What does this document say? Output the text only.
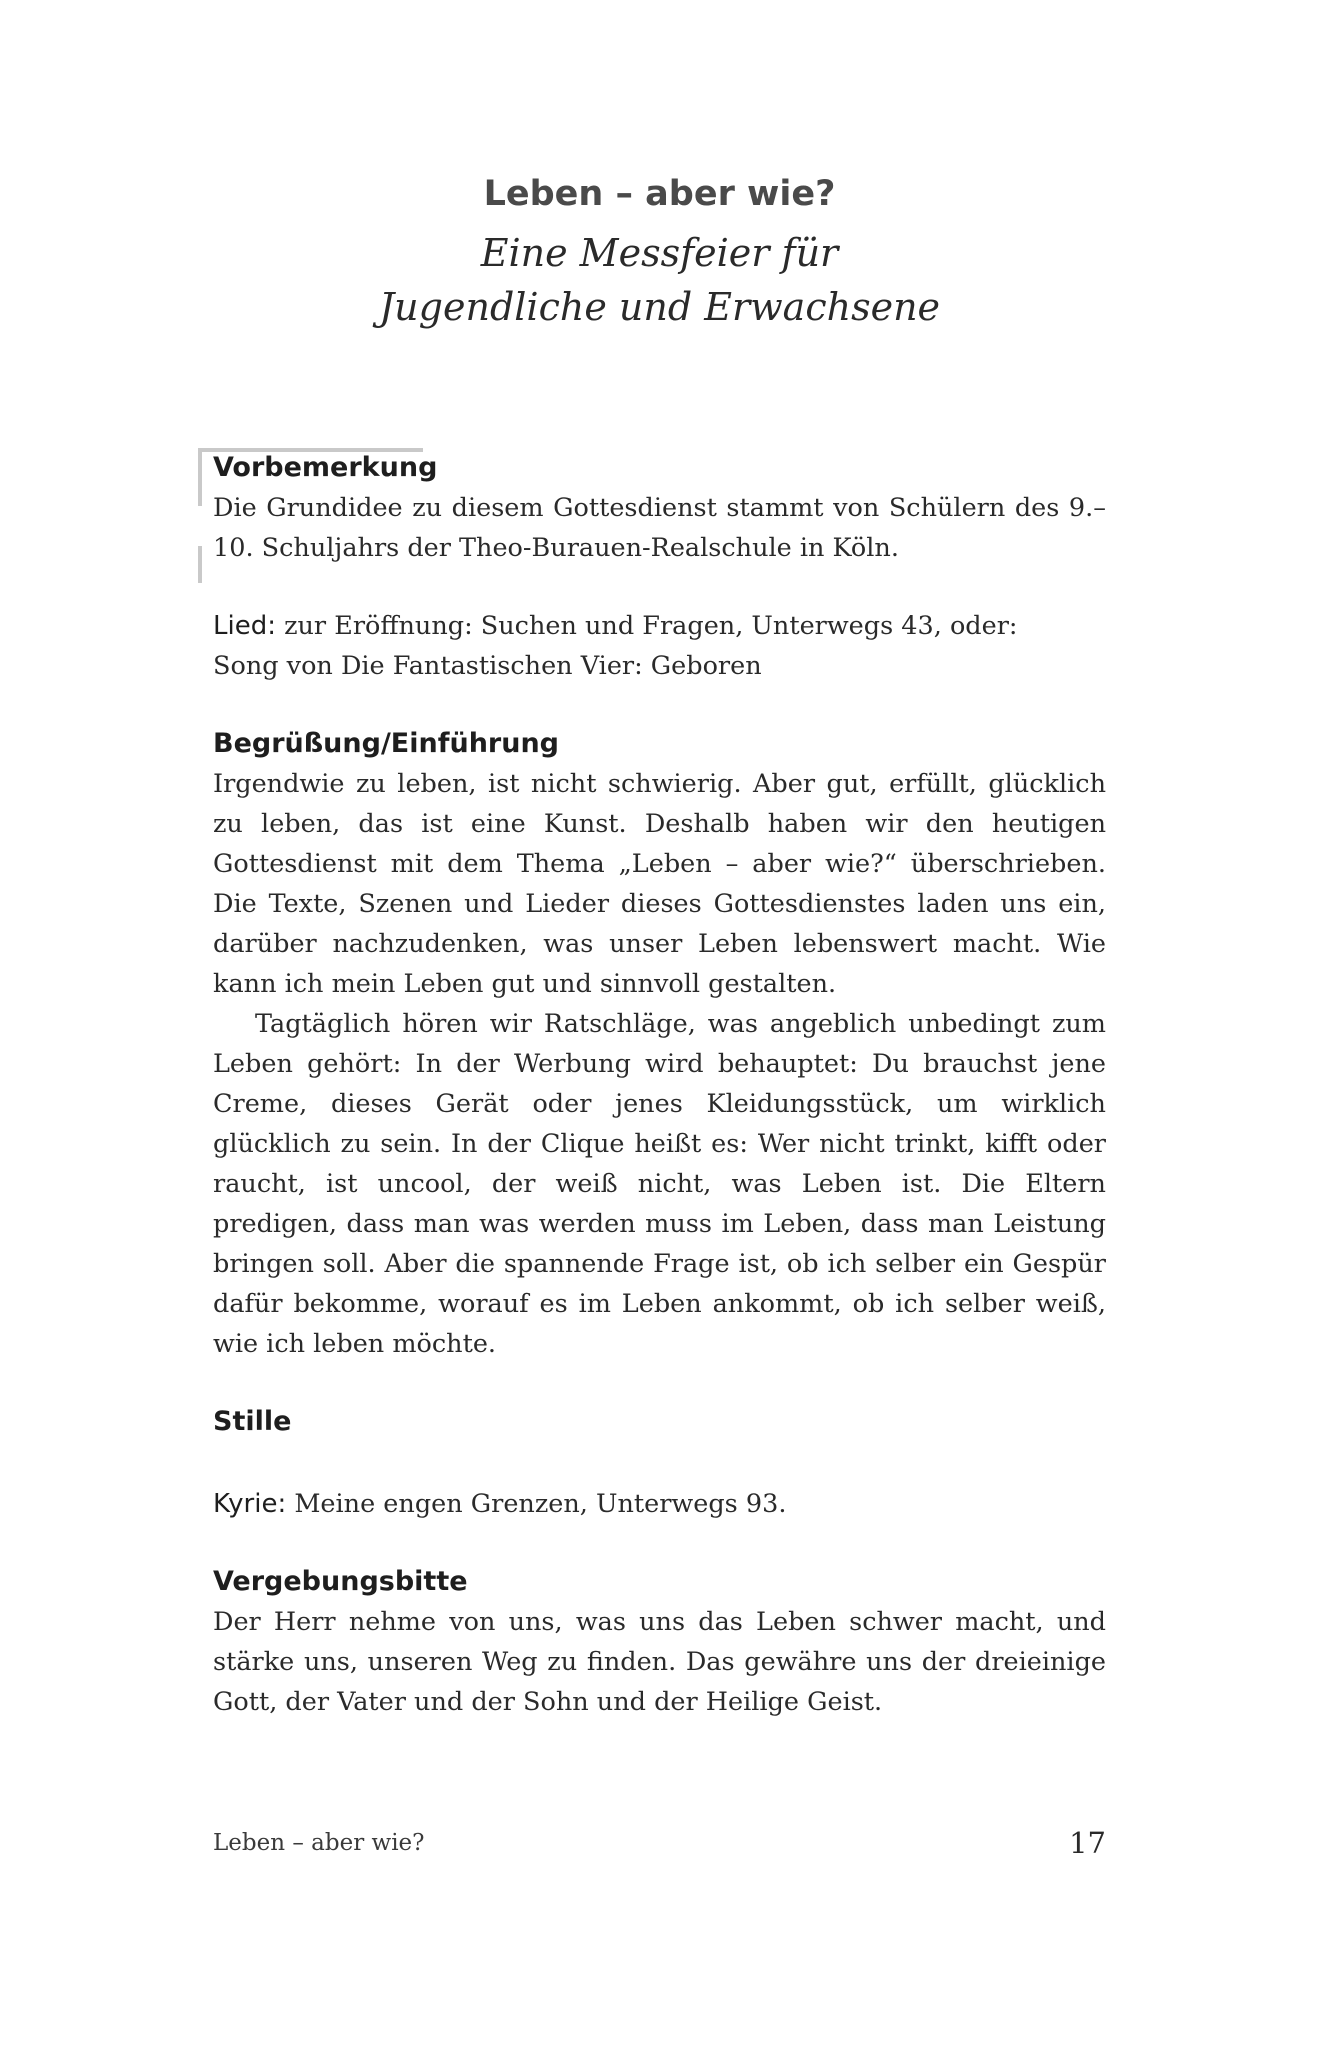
Leben – aber wie?
Eine Messfeier für
Jugendliche und Erwachsene
Vorbemerkung

Die Grundidee zu diesem Gottesdienst stammt von Schülern des 9.–10. Schuljahrs der Theo-Burauen-Realschule in Köln.

Lied: zur Eröffnung: Suchen und Fragen, Unterwegs 43, oder:

Song von Die Fantastischen Vier: Geboren

Begrüßung/Einführung

Irgendwie zu leben, ist nicht schwierig. Aber gut, erfüllt, glücklich zu leben, das ist eine Kunst. Deshalb haben wir den heutigen Gottesdienst mit dem Thema „Leben – aber wie?“ überschrieben. Die Texte, Szenen und Lieder dieses Gottesdienstes laden uns ein, darüber nachzudenken, was unser Leben lebenswert macht. Wie kann ich mein Leben gut und sinnvoll gestalten.

Tagtäglich hören wir Ratschläge, was angeblich unbedingt zum Leben gehört: In der Werbung wird behauptet: Du brauchst jene Creme, dieses Gerät oder jenes Kleidungsstück, um wirklich glücklich zu sein. In der Clique heißt es: Wer nicht trinkt, kifft oder raucht, ist uncool, der weiß nicht, was Leben ist. Die Eltern predigen, dass man was werden muss im Leben, dass man Leistung bringen soll. Aber die spannende Frage ist, ob ich selber ein Gespür dafür bekomme, worauf es im Leben ankommt, ob ich selber weiß, wie ich leben möchte.

Stille

Kyrie: Meine engen Grenzen, Unterwegs 93.

Vergebungsbitte

Der Herr nehme von uns, was uns das Leben schwer macht, und stärke uns, unseren Weg zu finden. Das gewähre uns der dreieinige Gott, der Vater und der Sohn und der Heilige Geist.

Leben – aber wie?	17
